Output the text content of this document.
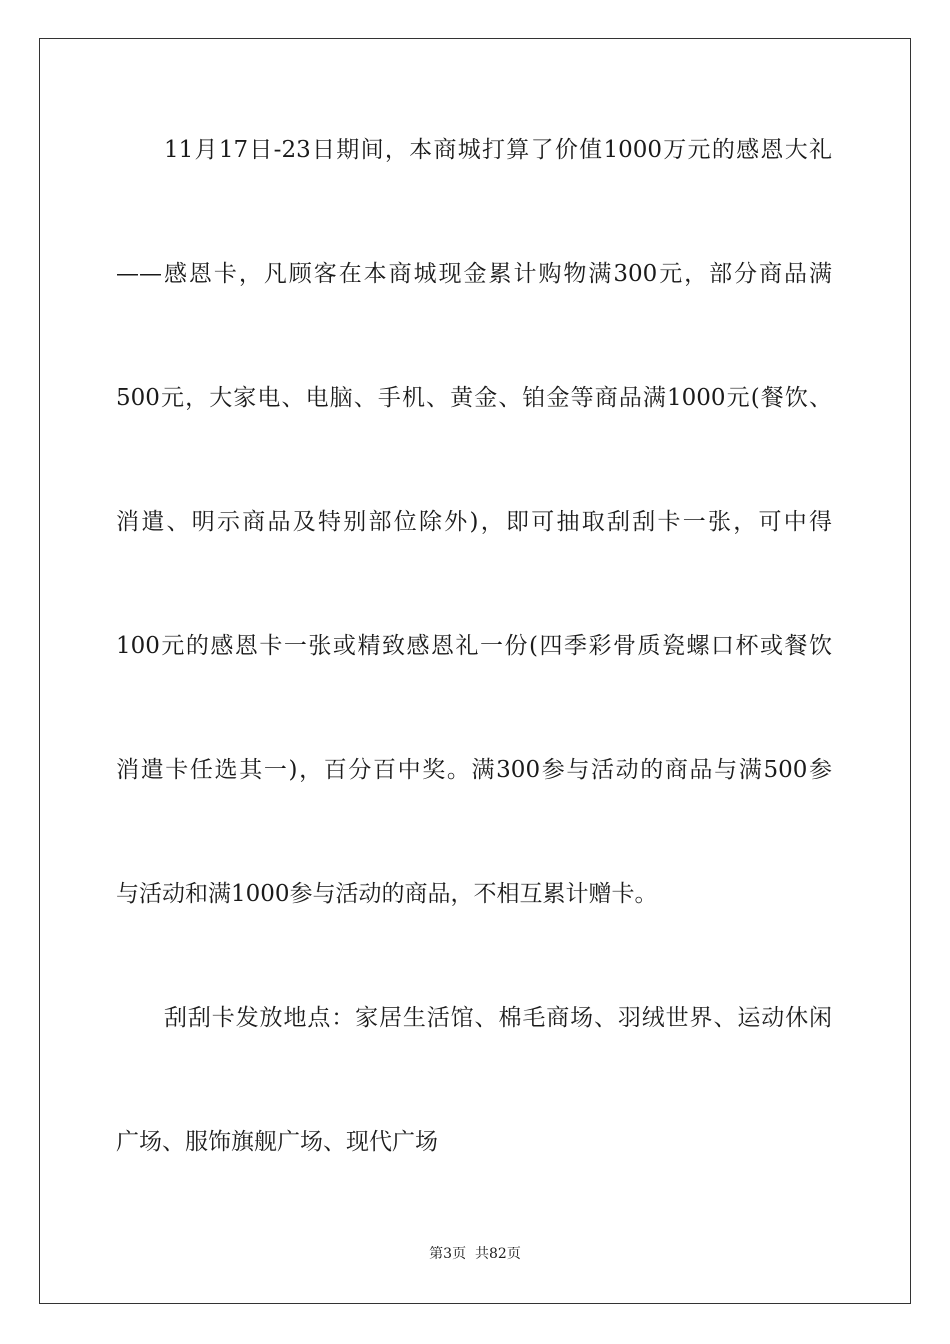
11月17日-23日期间，本商城打算了价值1000万元的感恩大礼
——感恩卡，凡顾客在本商城现金累计购物满300元，部分商品满
500元，大家电、电脑、手机、黄金、铂金等商品满1000元(餐饮、
消遣、明示商品及特别部位除外)，即可抽取刮刮卡一张，可中得
100元的感恩卡一张或精致感恩礼一份(四季彩骨质瓷螺口杯或餐饮
消遣卡任选其一)，百分百中奖。满300参与活动的商品与满500参
与活动和满1000参与活动的商品，不相互累计赠卡。
刮刮卡发放地点：家居生活馆、棉毛商场、羽绒世界、运动休闲
广场、服饰旗舰广场、现代广场
第3页 共82页
